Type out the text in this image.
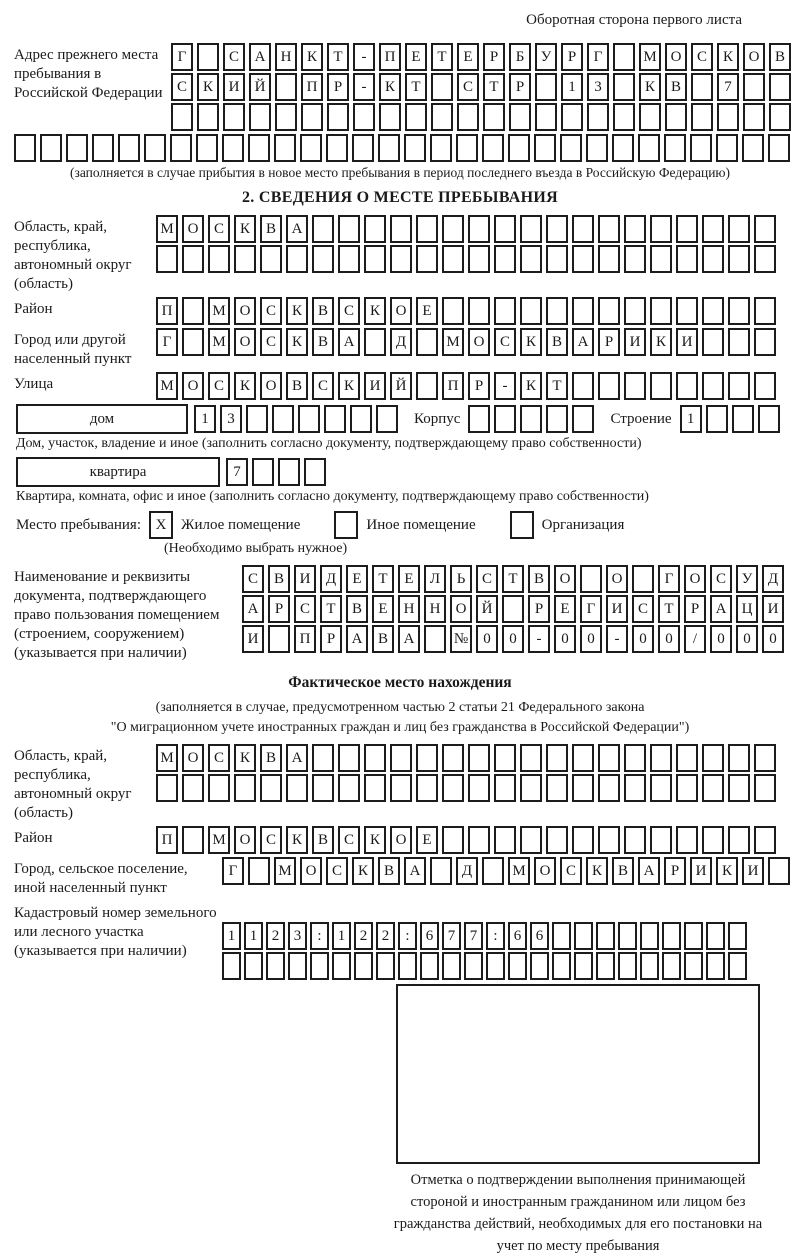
Оборотная сторона первого листа
Адрес прежнего места пребывания в Российской Федерации
Г	С	А	Н	К	Т	-	П	Е	Т	Е	Р	Б	У	Р	Г	М О	С	К	О	В
С	К	И	Й	П	Р	-	К	Т	С	Т	Р	1	3	К	В	7
(заполняется в случае прибытия в новое место пребывания в период последнего въезда в Российскую Федерацию)
2. СВЕДЕНИЯ О МЕСТЕ ПРЕБЫВАНИЯ
Область, край, республика, автономный округ (область)
М О	С	К	В	А
Район	П	М О	С	К	В	С	К	О	Е
Город или другой населенный пункт
Г	М О	С	К	В	А	Д	М О	С	К	В	А	Р	И	К	И
Улица	М О	С	К	О	В	С	К	И	Й	П	Р	-	К	Т
дом	1	3	Корпус	Строение	1
Дом, участок, владение и иное (заполнить согласно документу, подтверждающему право собственности)
квартира	7
Квартира, комната, офис и иное (заполнить согласно документу, подтверждающему право собственности)
Место пребывания: X Жилое помещение	Иное помещение	Организация
(Необходимо выбрать нужное)
Наименование и реквизиты документа, подтверждающего право пользования помещением (строением, сооружением) (указывается при наличии)
С	В	И	Д	Е	Т	Е	Л	Ь	С	Т	В	О	О	Г	О	С	У	Д
А	Р	С	Т	В	Е	Н	Н	О	Й	Р	Е	Г	И	С	Т	Р	А	Ц	И
И	П	Р	А	В	А	№	0	0	-	0	0	-	0	0	/	0	0	0
Фактическое место нахождения
(заполняется в случае, предусмотренном частью 2 статьи 21 Федерального закона
"О миграционном учете иностранных граждан и лиц без гражданства в Российской Федерации")
Область, край, республика, автономный округ (область)
М О	С	К	В	А
Район	П	М О	С	К	В	С	К	О	Е
Город, сельское поселение, иной населенный пункт
Г	М О	С	К	В	А	Д	М О	С	К	В	А	Р	И	К	И
Кадастровый номер земельного или лесного участка (указывается при наличии)
1 1 2 3	:	1 2 2	:	6 7 7	:	6 6
Отметка о подтверждении выполнения принимающей стороной и иностранным гражданином или лицом без гражданства действий, необходимых для его постановки на учет по месту пребывания
